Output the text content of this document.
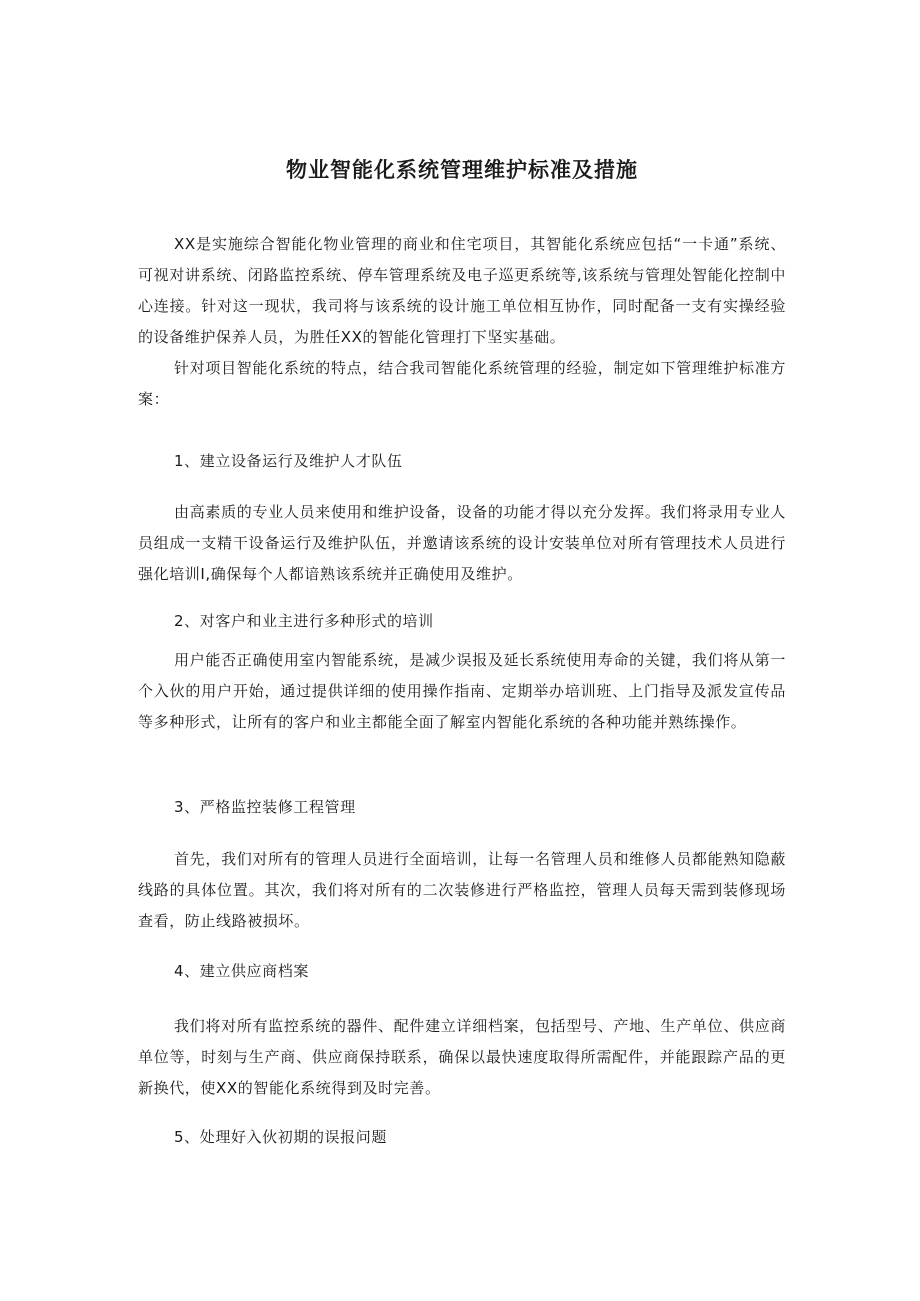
物业智能化系统管理维护标准及措施

XX是实施综合智能化物业管理的商业和住宅项目，其智能化系统应包括“一卡通”系统、可视对讲系统、闭路监控系统、停车管理系统及电子巡更系统等,该系统与管理处智能化控制中心连接。针对这一现状，我司将与该系统的设计施工单位相互协作，同时配备一支有实操经验的设备维护保养人员，为胜任XX的智能化管理打下坚实基础。

针对项目智能化系统的特点，结合我司智能化系统管理的经验，制定如下管理维护标准方案：

1、建立设备运行及维护人才队伍

由高素质的专业人员来使用和维护设备，设备的功能才得以充分发挥。我们将录用专业人员组成一支精干设备运行及维护队伍，并邀请该系统的设计安装单位对所有管理技术人员进行强化培训I,确保每个人都谙熟该系统并正确使用及维护。

2、对客户和业主进行多种形式的培训

用户能否正确使用室内智能系统，是减少误报及延长系统使用寿命的关键，我们将从第一个入伙的用户开始，通过提供详细的使用操作指南、定期举办培训班、上门指导及派发宣传品等多种形式，让所有的客户和业主都能全面了解室内智能化系统的各种功能并熟练操作。

3、严格监控装修工程管理

首先，我们对所有的管理人员进行全面培训，让每一名管理人员和维修人员都能熟知隐蔽线路的具体位置。其次，我们将对所有的二次装修进行严格监控，管理人员每天需到装修现场查看，防止线路被损坏。

4、建立供应商档案

我们将对所有监控系统的器件、配件建立详细档案，包括型号、产地、生产单位、供应商单位等，时刻与生产商、供应商保持联系，确保以最快速度取得所需配件，并能跟踪产品的更新换代，使XX的智能化系统得到及时完善。

5、处理好入伙初期的误报问题
